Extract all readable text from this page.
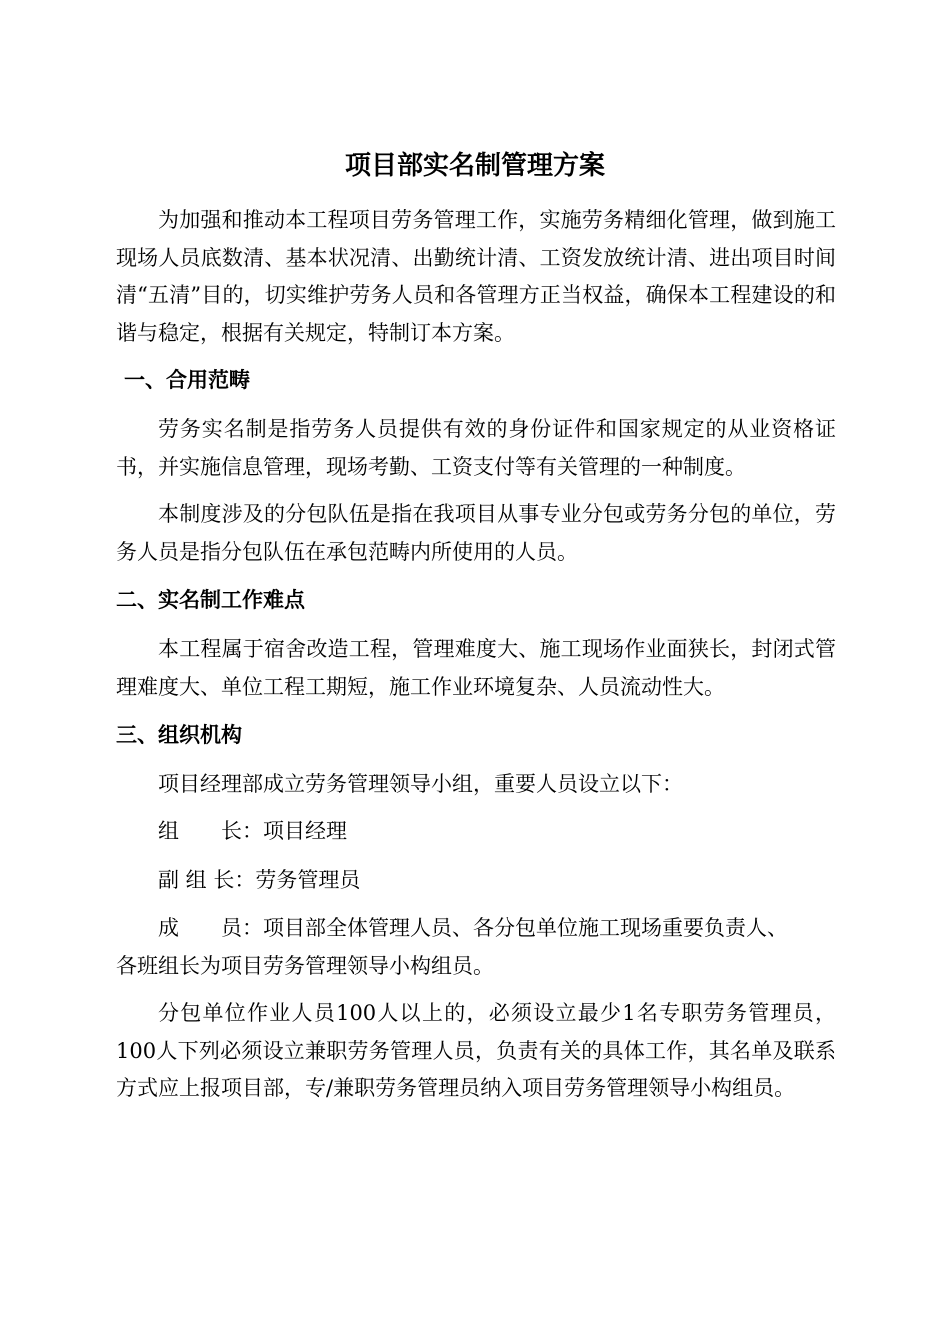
项目部实名制管理方案

为加强和推动本工程项目劳务管理工作，实施劳务精细化管理，做到施工现场人员底数清、基本状况清、出勤统计清、工资发放统计清、进出项目时间清“五清”目的，切实维护劳务人员和各管理方正当权益，确保本工程建设的和谐与稳定，根据有关规定，特制订本方案。

一、合用范畴

劳务实名制是指劳务人员提供有效的身份证件和国家规定的从业资格证书，并实施信息管理，现场考勤、工资支付等有关管理的一种制度。

本制度涉及的分包队伍是指在我项目从事专业分包或劳务分包的单位，劳务人员是指分包队伍在承包范畴内所使用的人员。

二、实名制工作难点

本工程属于宿舍改造工程，管理难度大、施工现场作业面狭长，封闭式管理难度大、单位工程工期短，施工作业环境复杂、人员流动性大。

三、组织机构

项目经理部成立劳务管理领导小组，重要人员设立以下：

组　　长：项目经理

副 组 长：劳务管理员

成　　员：项目部全体管理人员、各分包单位施工现场重要负责人、
各班组长为项目劳务管理领导小构组员。

分包单位作业人员100人以上的，必须设立最少1名专职劳务管理员，100人下列必须设立兼职劳务管理人员，负责有关的具体工作，其名单及联系方式应上报项目部，专/兼职劳务管理员纳入项目劳务管理领导小构组员。
